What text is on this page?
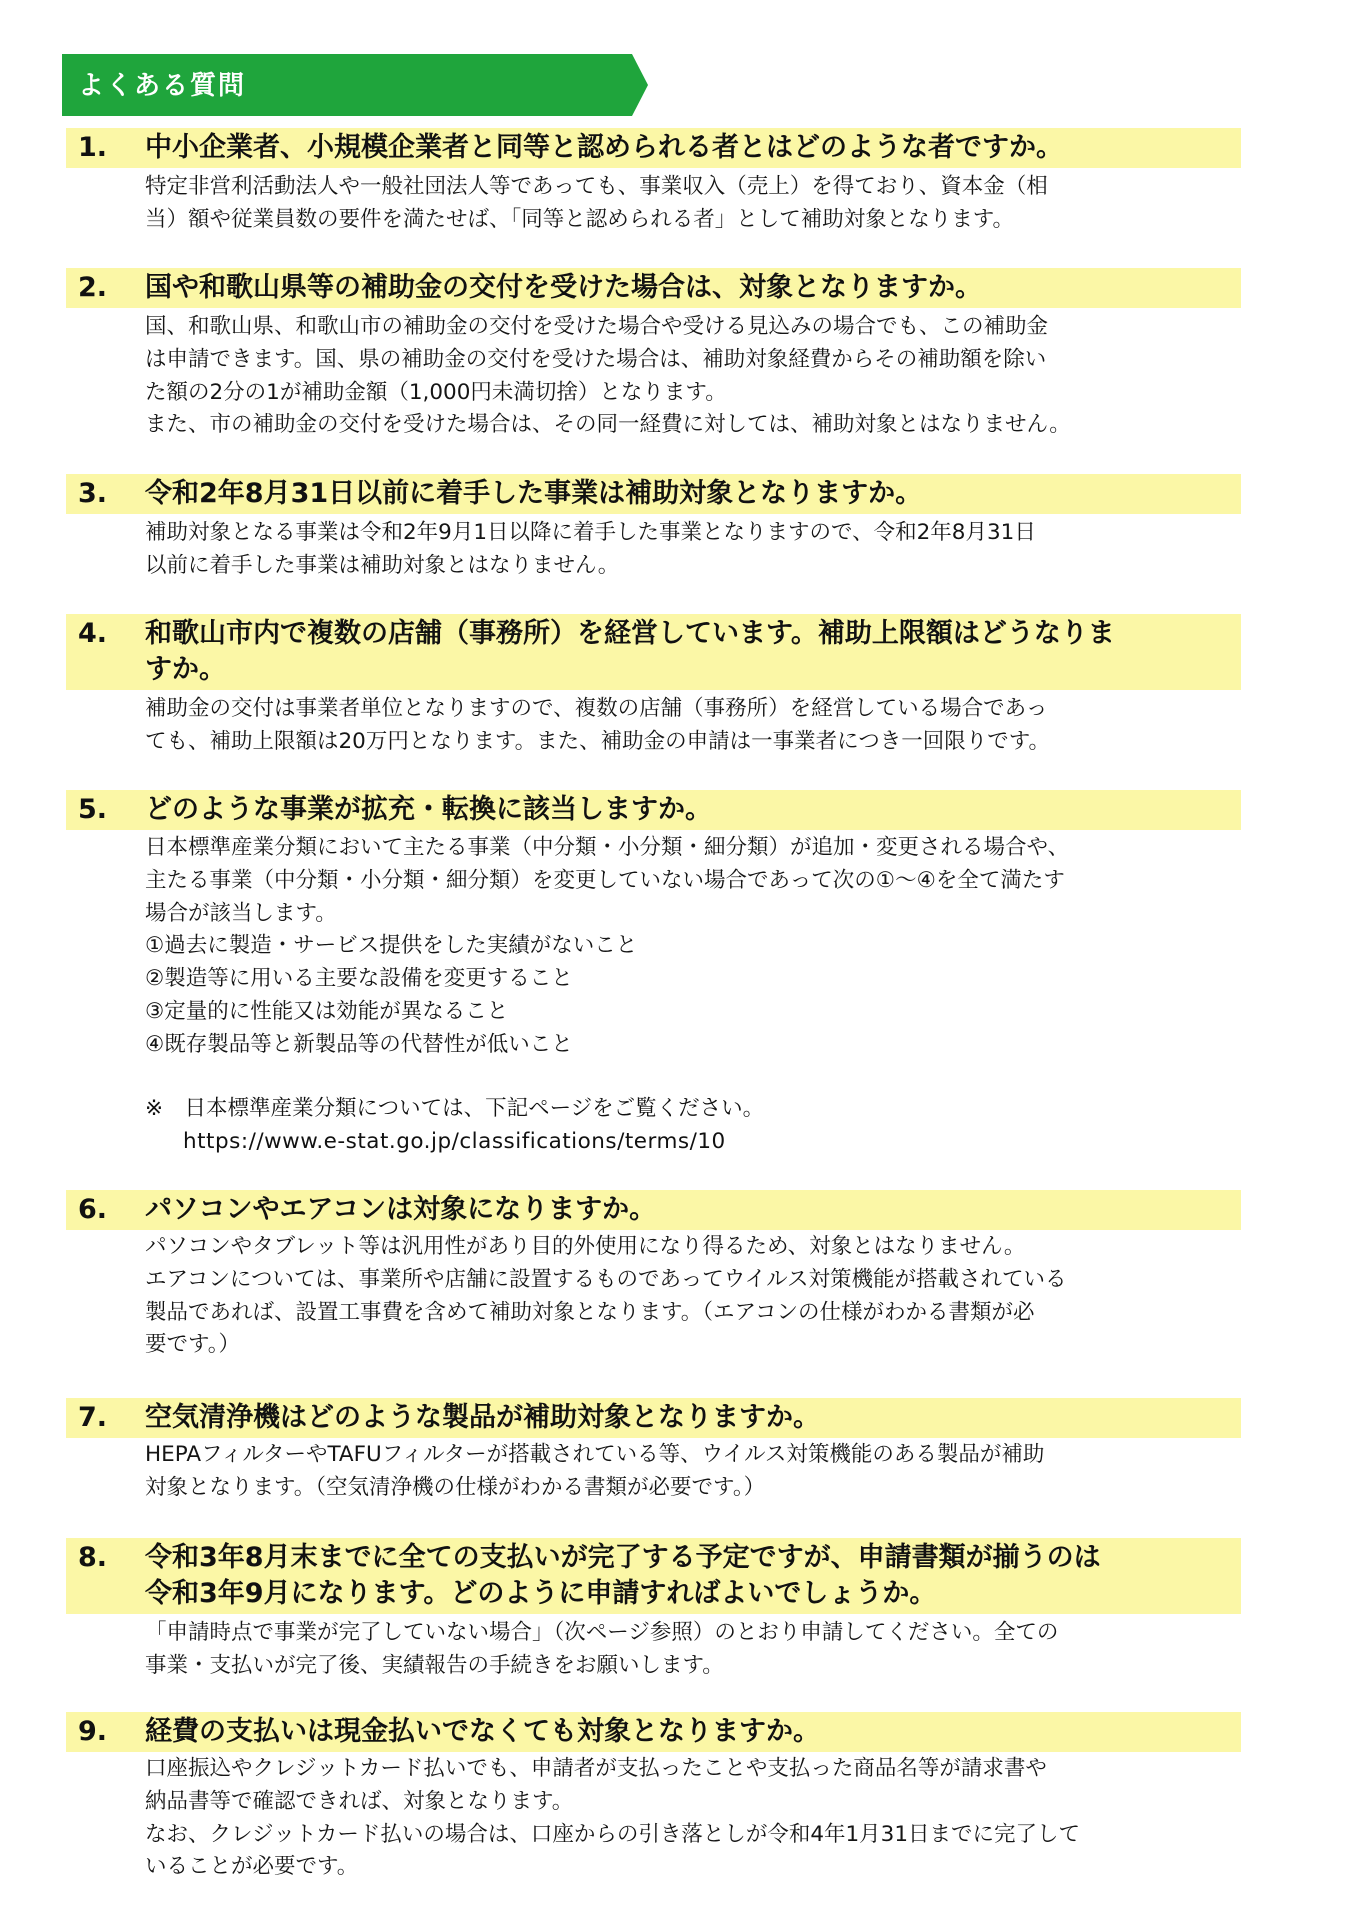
よくある質問
1. 中小企業者、小規模企業者と同等と認められる者とはどのような者ですか。
特定非営利活動法人や一般社団法人等であっても、事業収入（売上）を得ており、資本金（相
当）額や従業員数の要件を満たせば、「同等と認められる者」として補助対象となります。
2. 国や和歌山県等の補助金の交付を受けた場合は、対象となりますか。
国、和歌山県、和歌山市の補助金の交付を受けた場合や受ける見込みの場合でも、この補助金
は申請できます。国、県の補助金の交付を受けた場合は、補助対象経費からその補助額を除い
た額の2分の1が補助金額（1,000円未満切捨）となります。
また、市の補助金の交付を受けた場合は、その同一経費に対しては、補助対象とはなりません。
3. 令和2年8月31日以前に着手した事業は補助対象となりますか。
補助対象となる事業は令和2年9月1日以降に着手した事業となりますので、令和2年8月31日
以前に着手した事業は補助対象とはなりません。
4. 和歌山市内で複数の店舗（事務所）を経営しています。補助上限額はどうなりま
すか。
補助金の交付は事業者単位となりますので、複数の店舗（事務所）を経営している場合であっ
ても、補助上限額は20万円となります。また、補助金の申請は一事業者につき一回限りです。
5. どのような事業が拡充・転換に該当しますか。
日本標準産業分類において主たる事業（中分類・小分類・細分類）が追加・変更される場合や、
主たる事業（中分類・小分類・細分類）を変更していない場合であって次の①～④を全て満たす
場合が該当します。
①過去に製造・サービス提供をした実績がないこと
②製造等に用いる主要な設備を変更すること
③定量的に性能又は効能が異なること
④既存製品等と新製品等の代替性が低いこと
※　日本標準産業分類については、下記ページをご覧ください。
https://www.e-stat.go.jp/classifications/terms/10
6. パソコンやエアコンは対象になりますか。
パソコンやタブレット等は汎用性があり目的外使用になり得るため、対象とはなりません。
エアコンについては、事業所や店舗に設置するものであってウイルス対策機能が搭載されている
製品であれば、設置工事費を含めて補助対象となります。（エアコンの仕様がわかる書類が必
要です。）
7. 空気清浄機はどのような製品が補助対象となりますか。
HEPAフィルターやTAFUフィルターが搭載されている等、ウイルス対策機能のある製品が補助
対象となります。（空気清浄機の仕様がわかる書類が必要です。）
8. 令和3年8月末までに全ての支払いが完了する予定ですが、申請書類が揃うのは
令和3年9月になります。どのように申請すればよいでしょうか。
「申請時点で事業が完了していない場合」（次ページ参照）のとおり申請してください。全ての
事業・支払いが完了後、実績報告の手続きをお願いします。
9. 経費の支払いは現金払いでなくても対象となりますか。
口座振込やクレジットカード払いでも、申請者が支払ったことや支払った商品名等が請求書や
納品書等で確認できれば、対象となります。
なお、クレジットカード払いの場合は、口座からの引き落としが令和4年1月31日までに完了して
いることが必要です。
